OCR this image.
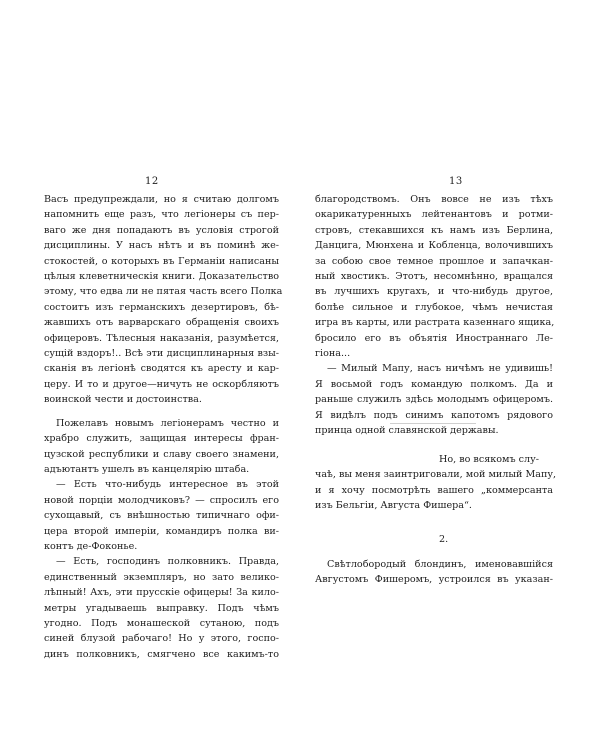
12
Васъ предупреждали, но я считаю долгомъ
напомнить еще разъ, что легіонеры съ пер-
ваго же дня попадаютъ въ условія строгой
дисциплины. У насъ нѣтъ и въ поминѣ же-
стокостей, о которыхъ въ Германіи написаны
цѣлыя клеветническія книги. Доказательство
этому, что едва ли не пятая часть всего Полка
состоитъ изъ германскихъ дезертировъ, бѣ-
жавшихъ отъ варварскаго обращенія своихъ
офицеровъ. Тѣлесныя наказанія, разумѣется,
сущій вздоръ!.. Всѣ эти дисциплинарныя взы-
сканія въ легіонѣ сводятся къ аресту и кар-
церу. И то и другое—ничуть не оскорбляютъ
воинской чести и достоинства.
Пожелавъ новымъ легіонерамъ честно и
храбро служить, защищая интересы фран-
цузской республики и славу своего знамени,
адъютантъ ушелъ въ канцелярію штаба.
— Есть что-нибудь интересное въ этой
новой порціи молодчиковъ? — спросилъ его
сухощавый, съ внѣшностью типичнаго офи-
цера второй имперіи, командиръ полка ви-
контъ де-Фоконье.
— Есть, господинъ полковникъ. Правда,
единственный экземпляръ, но зато велико-
лѣпный! Ахъ, эти прусскіе офицеры! За кило-
метры угадываешь выправку. Подъ чѣмъ
угодно. Подъ монашеской сутаною, подъ
синей блузой рабочаго! Но у этого, госпо-
динъ полковникъ, смягчено все какимъ-то
13
благородствомъ. Онъ вовсе не изъ тѣхъ
окарикатуренныхъ лейтенантовъ и ротми-
стровъ, стекавшихся къ намъ изъ Берлина,
Данцига, Мюнхена и Кобленца, волочившихъ
за собою свое темное прошлое и запачкан-
ный хвостикъ. Этотъ, несомнѣнно, вращался
въ лучшихъ кругахъ, и что-нибудь другое,
болѣе сильное и глубокое, чѣмъ нечистая
игра въ карты, или растрата казеннаго ящика,
бросило его въ объятія Иностраннаго Ле-
гіона...
— Милый Мапу, насъ ничѣмъ не удивишь!
Я восьмой годъ командую полкомъ. Да и
раньше служилъ здѣсь молодымъ офицеромъ.
Я видѣлъ подъ синимъ капотомъ рядового
принца одной славянской державы.
Но, во всякомъ слу-
чаѣ, вы меня заинтриговали, мой милый Мапу,
и я хочу посмотрѣть вашего „коммерсанта
изъ Бельгіи, Августа Фишера“.
2.
Свѣтлобородый блондинъ, именовавшійся
Августомъ Фишеромъ, устроился въ указан-
